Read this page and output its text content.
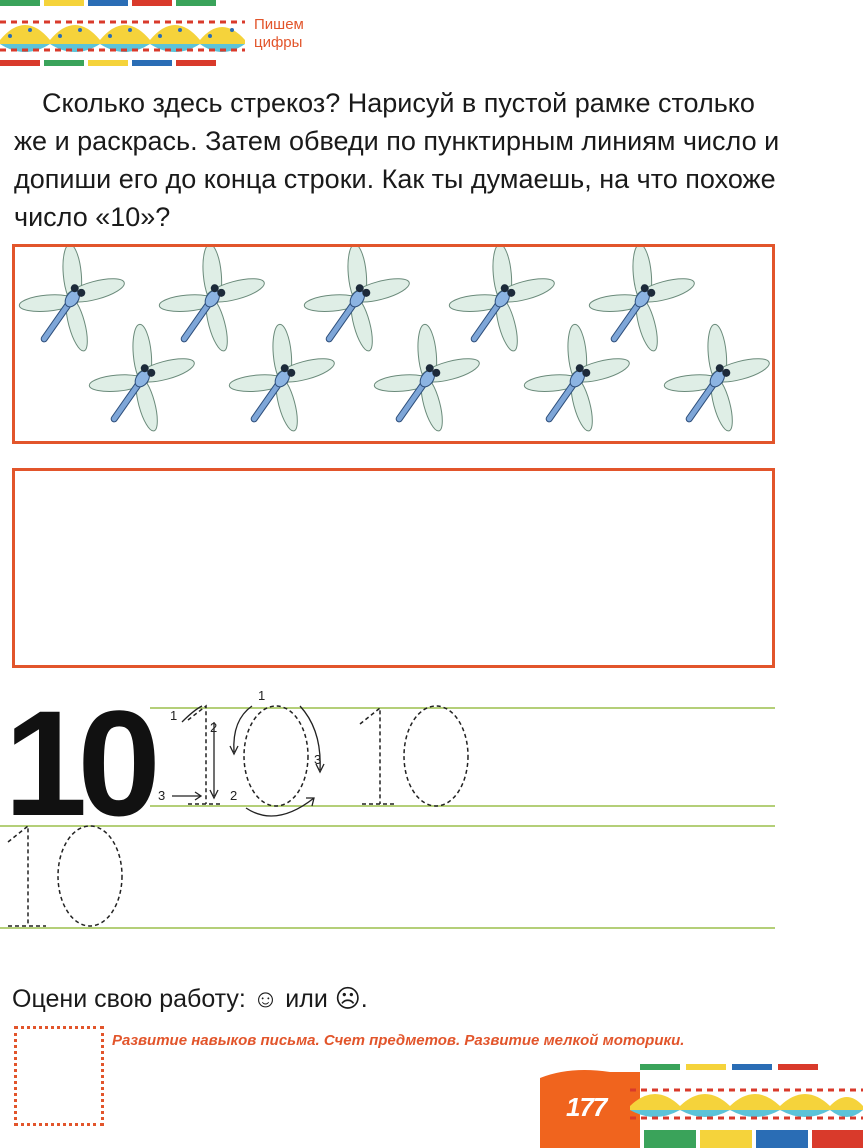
Пишем цифры

Сколько здесь стрекоз? Нарисуй в пустой рамке столько же и раскрась. Затем обведи по пунктирным линиям число и допиши его до конца строки. Как ты думаешь, на что похоже число «10»?

1
2
3
1
2
3
10
Оцени свою работу: ☺ или ☹.
Развитие навыков письма. Счет предметов. Развитие мелкой моторики.
177
